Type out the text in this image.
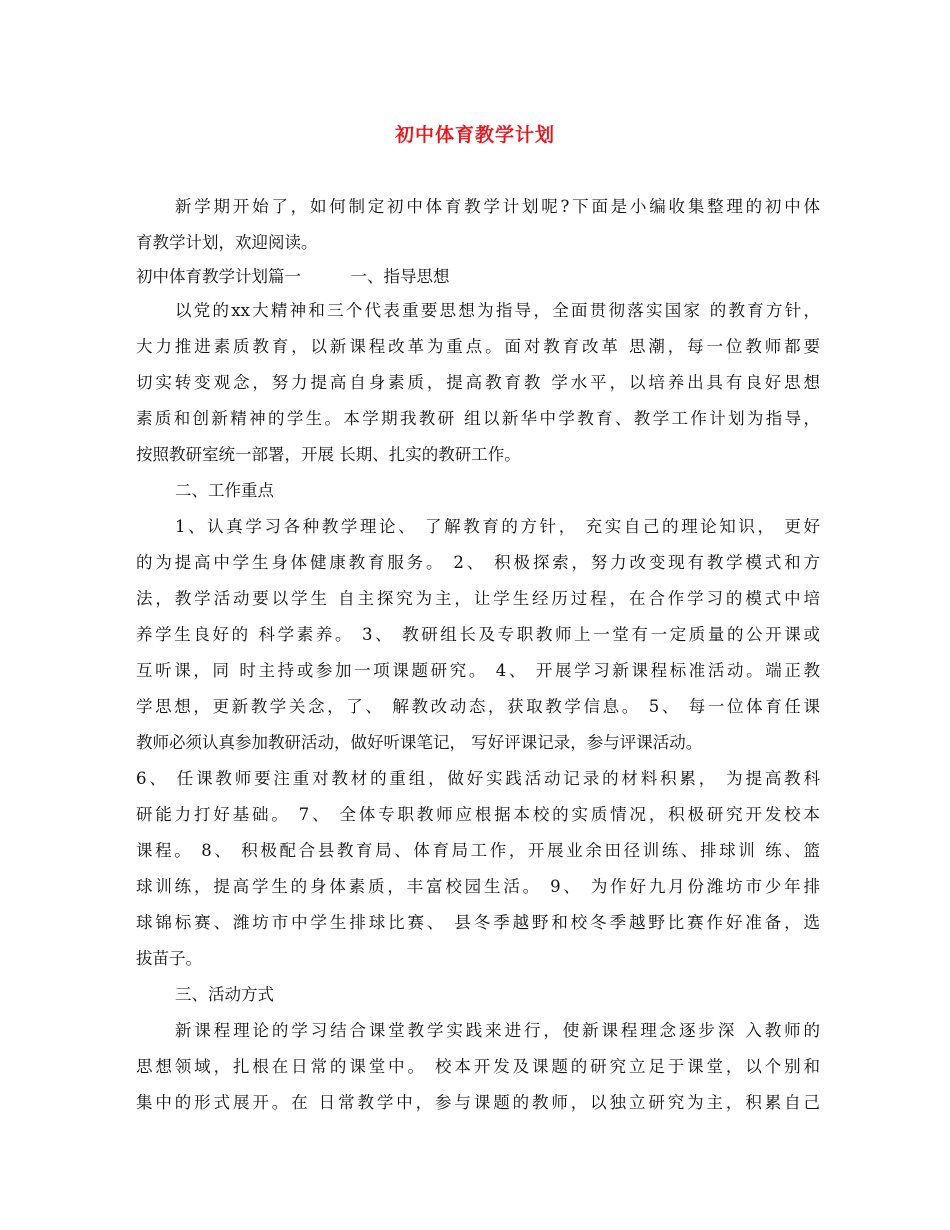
初中体育教学计划
新学期开始了，如何制定初中体育教学计划呢?下面是小编收集整理的初中体
育教学计划，欢迎阅读。
初中体育教学计划篇一　　　一、指导思想
以党的xx大精神和三个代表重要思想为指导，全面贯彻落实国家 的教育方针，
大力推进素质教育，以新课程改革为重点。面对教育改革 思潮，每一位教师都要
切实转变观念，努力提高自身素质，提高教育教 学水平，以培养出具有良好思想
素质和创新精神的学生。本学期我教研 组以新华中学教育、教学工作计划为指导，
按照教研室统一部署，开展 长期、扎实的教研工作。
二、工作重点
1、认真学习各种教学理论、 了解教育的方针， 充实自己的理论知识， 更好
的为提高中学生身体健康教育服务。 2、 积极探索，努力改变现有教学模式和方
法，教学活动要以学生 自主探究为主，让学生经历过程，在合作学习的模式中培
养学生良好的 科学素养。 3、 教研组长及专职教师上一堂有一定质量的公开课或
互听课，同 时主持或参加一项课题研究。 4、 开展学习新课程标准活动。端正教
学思想，更新教学关念，了、 解教改动态，获取教学信息。 5、 每一位体育任课
教师必须认真参加教研活动，做好听课笔记， 写好评课记录，参与评课活动。
6、 任课教师要注重对教材的重组，做好实践活动记录的材料积累， 为提高教科
研能力打好基础。 7、 全体专职教师应根据本校的实质情况，积极研究开发校本
课程。 8、 积极配合县教育局、体育局工作，开展业余田径训练、排球训 练、篮
球训练，提高学生的身体素质，丰富校园生活。 9、 为作好九月份潍坊市少年排
球锦标赛、潍坊市中学生排球比赛、 县冬季越野和校冬季越野比赛作好准备，选
拔苗子。
三、活动方式
新课程理论的学习结合课堂教学实践来进行，使新课程理念逐步深 入教师的
思想领域，扎根在日常的课堂中。 校本开发及课题的研究立足于课堂，以个别和
集中的形式展开。在 日常教学中，参与课题的教师，以独立研究为主，积累自己
